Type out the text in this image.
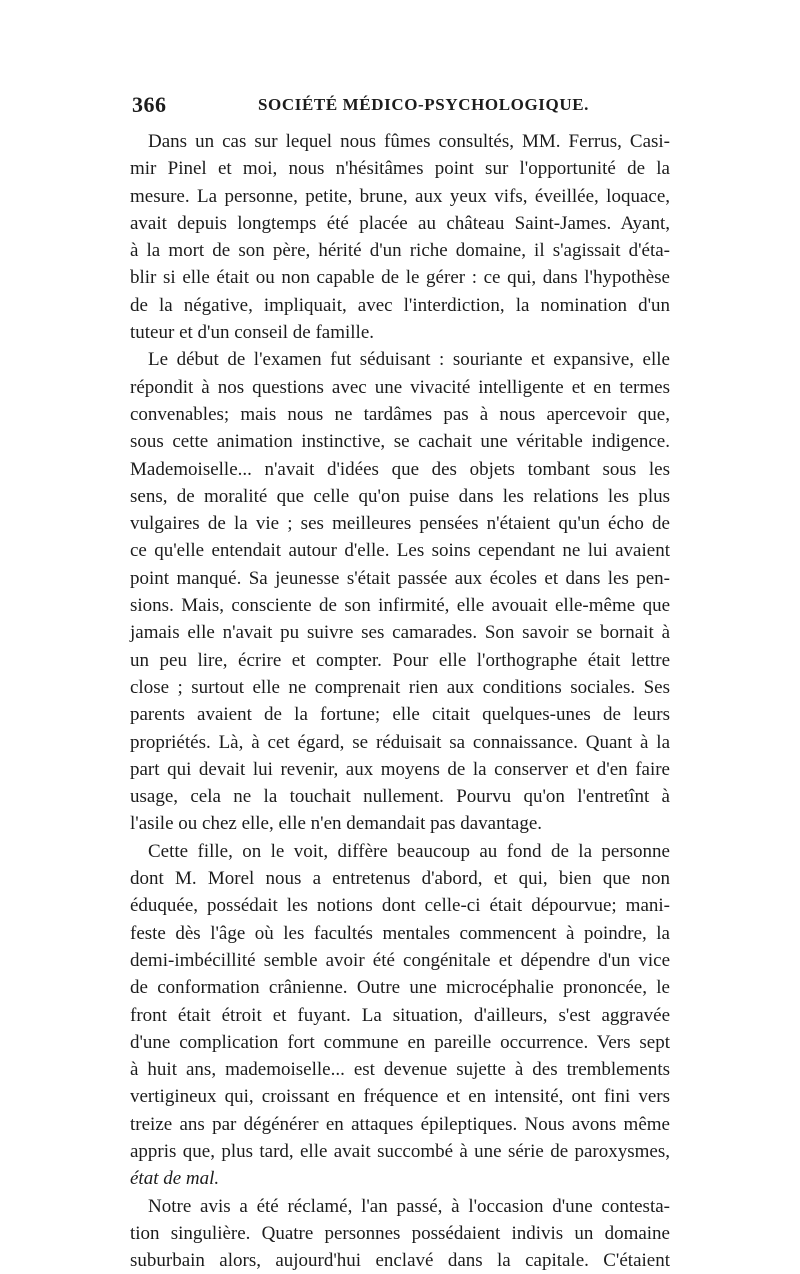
366	SOCIÉTÉ MÉDICO-PSYCHOLOGIQUE.
Dans un cas sur lequel nous fûmes consultés, MM. Ferrus, Casi-
mir Pinel et moi, nous n'hésitâmes point sur l'opportunité de la
mesure. La personne, petite, brune, aux yeux vifs, éveillée, loquace,
avait depuis longtemps été placée au château Saint-James. Ayant,
à la mort de son père, hérité d'un riche domaine, il s'agissait d'éta-
blir si elle était ou non capable de le gérer : ce qui, dans l'hypothèse
de la négative, impliquait, avec l'interdiction, la nomination d'un
tuteur et d'un conseil de famille.
Le début de l'examen fut séduisant : souriante et expansive, elle
répondit à nos questions avec une vivacité intelligente et en termes
convenables; mais nous ne tardâmes pas à nous apercevoir que,
sous cette animation instinctive, se cachait une véritable indigence.
Mademoiselle... n'avait d'idées que des objets tombant sous les
sens, de moralité que celle qu'on puise dans les relations les plus
vulgaires de la vie ; ses meilleures pensées n'étaient qu'un écho de
ce qu'elle entendait autour d'elle. Les soins cependant ne lui avaient
point manqué. Sa jeunesse s'était passée aux écoles et dans les pen-
sions. Mais, consciente de son infirmité, elle avouait elle-même que
jamais elle n'avait pu suivre ses camarades. Son savoir se bornait à
un peu lire, écrire et compter. Pour elle l'orthographe était lettre
close ; surtout elle ne comprenait rien aux conditions sociales. Ses
parents avaient de la fortune; elle citait quelques-unes de leurs
propriétés. Là, à cet égard, se réduisait sa connaissance. Quant à la
part qui devait lui revenir, aux moyens de la conserver et d'en faire
usage, cela ne la touchait nullement. Pourvu qu'on l'entretînt à
l'asile ou chez elle, elle n'en demandait pas davantage.
Cette fille, on le voit, diffère beaucoup au fond de la personne
dont M. Morel nous a entretenus d'abord, et qui, bien que non
éduquée, possédait les notions dont celle-ci était dépourvue; mani-
feste dès l'âge où les facultés mentales commencent à poindre, la
demi-imbécillité semble avoir été congénitale et dépendre d'un vice
de conformation crânienne. Outre une microcéphalie prononcée, le
front était étroit et fuyant. La situation, d'ailleurs, s'est aggravée
d'une complication fort commune en pareille occurrence. Vers sept
à huit ans, mademoiselle... est devenue sujette à des tremblements
vertigineux qui, croissant en fréquence et en intensité, ont fini vers
treize ans par dégénérer en attaques épileptiques. Nous avons même
appris que, plus tard, elle avait succombé à une série de paroxysmes,
état de mal.
Notre avis a été réclamé, l'an passé, à l'occasion d'une contesta-
tion singulière. Quatre personnes possédaient indivis un domaine
suburbain alors, aujourd'hui enclavé dans la capitale. C'étaient
